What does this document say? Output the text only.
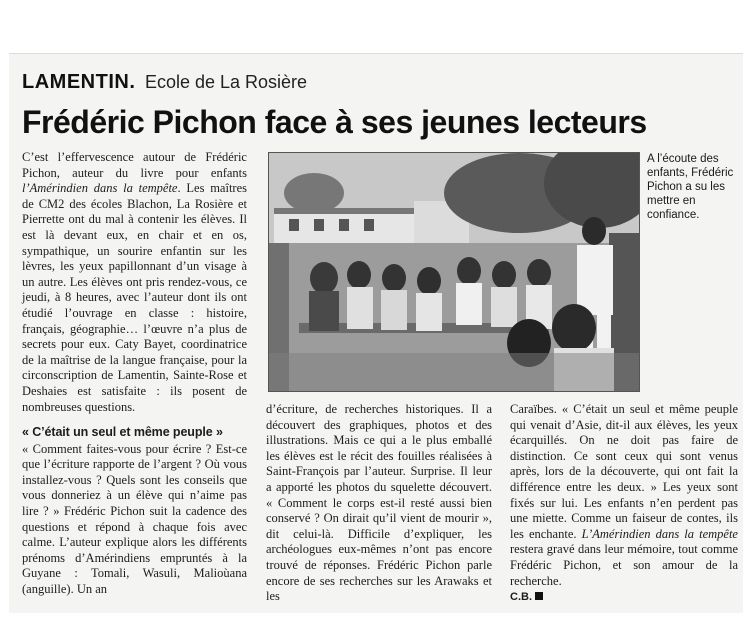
LAMENTIN. Ecole de La Rosière
Frédéric Pichon face à ses jeunes lecteurs

C’est l’effervescence autour de Frédéric Pichon, auteur du livre pour enfants l’Amérindien dans la tempête. Les maîtres de CM2 des écoles Blachon, La Rosière et Pierrette ont du mal à contenir les élèves. Il est là devant eux, en chair et en os, sympathique, un sourire enfantin sur les lèvres, les yeux papillonnant d’un visage à un autre. Les élèves ont pris rendez-vous, ce jeudi, à 8 heures, avec l’auteur dont ils ont étudié l’ouvrage en classe : histoire, français, géographie… l’œuvre n’a plus de secrets pour eux. Caty Bayet, coordinatrice de la maîtrise de la langue française, pour la circonscription de Lamentin, Sainte-Rose et Deshaies est satisfaite : ils posent de nombreuses questions.

« C’était un seul et même peuple »

« Comment faites-vous pour écrire ? Est-ce que l’écriture rapporte de l’argent ? Où vous installez-vous ? Quels sont les conseils que vous donneriez à un élève qui n’aime pas lire ? » Frédéric Pichon suit la cadence des questions et répond à chaque fois avec calme. L’auteur explique alors les différents prénoms d’Amérindiens empruntés à la Guyane : Tomali, Wasuli, Malioùana (anguille). Un an

A l’écoute des enfants, Frédéric Pichon a su les mettre en confiance.

d’écriture, de recherches historiques. Il a découvert des graphiques, photos et des illustrations. Mais ce qui a le plus emballé les élèves est le récit des fouilles réalisées à Saint-François par l’auteur. Surprise. Il leur a apporté les photos du squelette découvert. « Comment le corps est-il resté aussi bien conservé ? On dirait qu’il vient de mourir », dit celui-là. Difficile d’expliquer, les archéologues eux-mêmes n’ont pas encore trouvé de réponses. Frédéric Pichon parle encore de ses recherches sur les Arawaks et les

Caraïbes. « C’était un seul et même peuple qui venait d’Asie, dit-il aux élèves, les yeux écarquillés. On ne doit pas faire de distinction. Ce sont ceux qui sont venus après, lors de la découverte, qui ont fait la différence entre les deux. » Les yeux sont fixés sur lui. Les enfants n’en perdent pas une miette. Comme un faiseur de contes, ils les enchante. L’Amérindien dans la tempête restera gravé dans leur mémoire, tout comme Frédéric Pichon, et son amour de la recherche.

C.B.
